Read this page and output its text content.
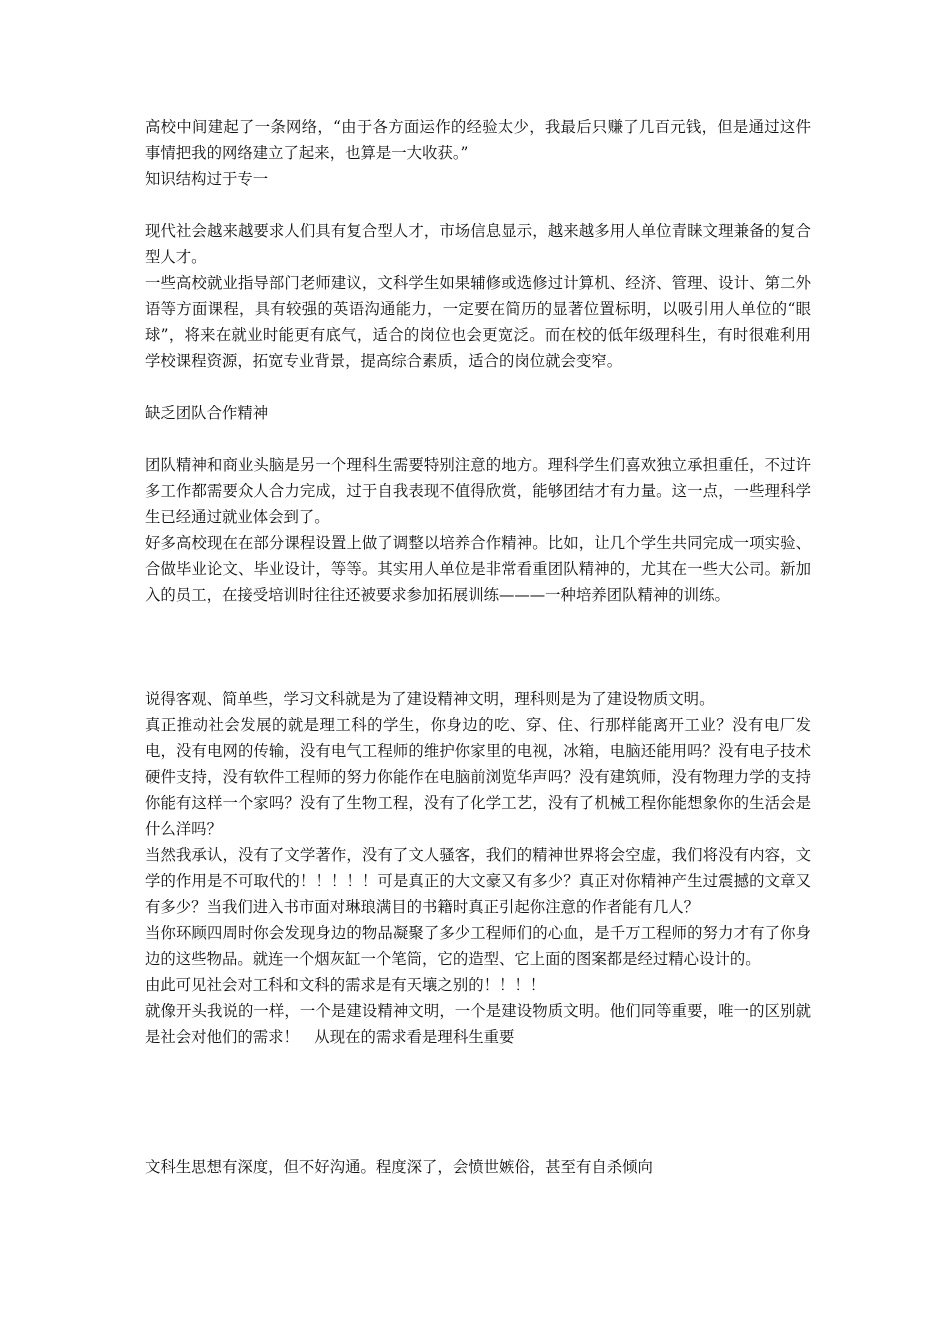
高校中间建起了一条网络，“由于各方面运作的经验太少，我最后只赚了几百元钱，但是通过这件事情把我的网络建立了起来，也算是一大收获。”

知识结构过于专一

现代社会越来越要求人们具有复合型人才，市场信息显示，越来越多用人单位青睐文理兼备的复合型人才。

一些高校就业指导部门老师建议，文科学生如果辅修或选修过计算机、经济、管理、设计、第二外语等方面课程，具有较强的英语沟通能力，一定要在简历的显著位置标明，以吸引用人单位的“眼球”，将来在就业时能更有底气，适合的岗位也会更宽泛。而在校的低年级理科生，有时很难利用学校课程资源，拓宽专业背景，提高综合素质，适合的岗位就会变窄。

缺乏团队合作精神

团队精神和商业头脑是另一个理科生需要特别注意的地方。理科学生们喜欢独立承担重任，不过许多工作都需要众人合力完成，过于自我表现不值得欣赏，能够团结才有力量。这一点，一些理科学生已经通过就业体会到了。

好多高校现在在部分课程设置上做了调整以培养合作精神。比如，让几个学生共同完成一项实验、合做毕业论文、毕业设计，等等。其实用人单位是非常看重团队精神的，尤其在一些大公司。新加入的员工，在接受培训时往往还被要求参加拓展训练———一种培养团队精神的训练。

说得客观、简单些，学习文科就是为了建设精神文明，理科则是为了建设物质文明。

真正推动社会发展的就是理工科的学生，你身边的吃、穿、住、行那样能离开工业？没有电厂发电，没有电网的传输，没有电气工程师的维护你家里的电视，冰箱，电脑还能用吗？没有电子技术硬件支持，没有软件工程师的努力你能作在电脑前浏览华声吗？没有建筑师，没有物理力学的支持你能有这样一个家吗？没有了生物工程，没有了化学工艺，没有了机械工程你能想象你的生活会是什么洋吗？

当然我承认，没有了文学著作，没有了文人骚客，我们的精神世界将会空虚，我们将没有内容，文学的作用是不可取代的！！！！！可是真正的大文豪又有多少？真正对你精神产生过震撼的文章又有多少？当我们进入书市面对琳琅满目的书籍时真正引起你注意的作者能有几人？

当你环顾四周时你会发现身边的物品凝聚了多少工程师们的心血，是千万工程师的努力才有了你身边的这些物品。就连一个烟灰缸一个笔筒，它的造型、它上面的图案都是经过精心设计的。

由此可见社会对工科和文科的需求是有天壤之别的！！！！

就像开头我说的一样，一个是建设精神文明，一个是建设物质文明。他们同等重要，唯一的区别就是社会对他们的需求！　从现在的需求看是理科生重要

文科生思想有深度，但不好沟通。程度深了，会愤世嫉俗，甚至有自杀倾向
